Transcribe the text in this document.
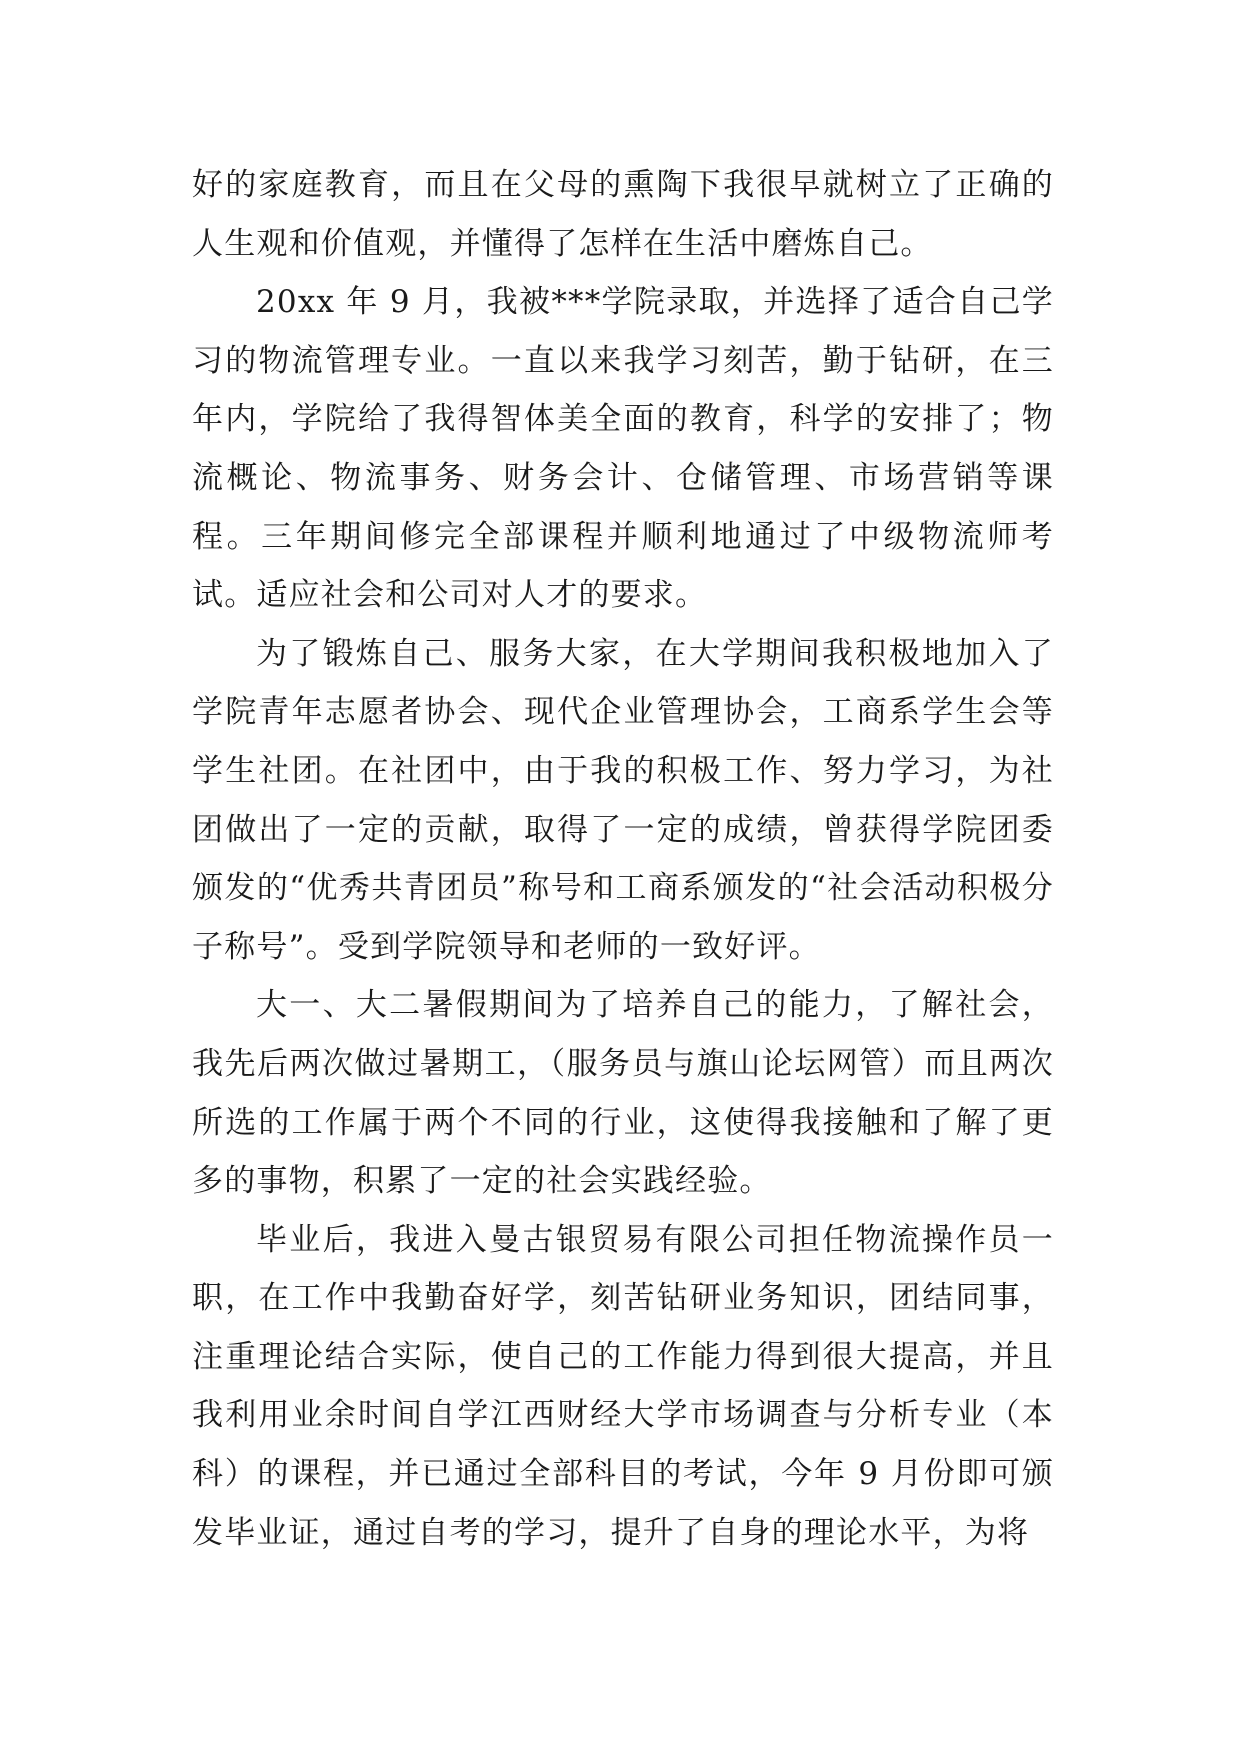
好的家庭教育，而且在父母的熏陶下我很早就树立了正确的人生观和价值观，并懂得了怎样在生活中磨炼自己。

20xx 年 9 月，我被***学院录取，并选择了适合自己学习的物流管理专业。一直以来我学习刻苦，勤于钻研，在三年内，学院给了我得智体美全面的教育，科学的安排了；物流概论、物流事务、财务会计、仓储管理、市场营销等课程。三年期间修完全部课程并顺利地通过了中级物流师考试。适应社会和公司对人才的要求。

为了锻炼自己、服务大家，在大学期间我积极地加入了学院青年志愿者协会、现代企业管理协会，工商系学生会等学生社团。在社团中，由于我的积极工作、努力学习，为社团做出了一定的贡献，取得了一定的成绩，曾获得学院团委颁发的“优秀共青团员”称号和工商系颁发的“社会活动积极分子称号”。受到学院领导和老师的一致好评。

大一、大二暑假期间为了培养自己的能力，了解社会，我先后两次做过暑期工，（服务员与旗山论坛网管）而且两次所选的工作属于两个不同的行业，这使得我接触和了解了更多的事物，积累了一定的社会实践经验。

毕业后，我进入曼古银贸易有限公司担任物流操作员一职，在工作中我勤奋好学，刻苦钻研业务知识，团结同事，注重理论结合实际，使自己的工作能力得到很大提高，并且我利用业余时间自学江西财经大学市场调查与分析专业（本科）的课程，并已通过全部科目的考试，今年 9 月份即可颁发毕业证，通过自考的学习，提升了自身的理论水平，为将
